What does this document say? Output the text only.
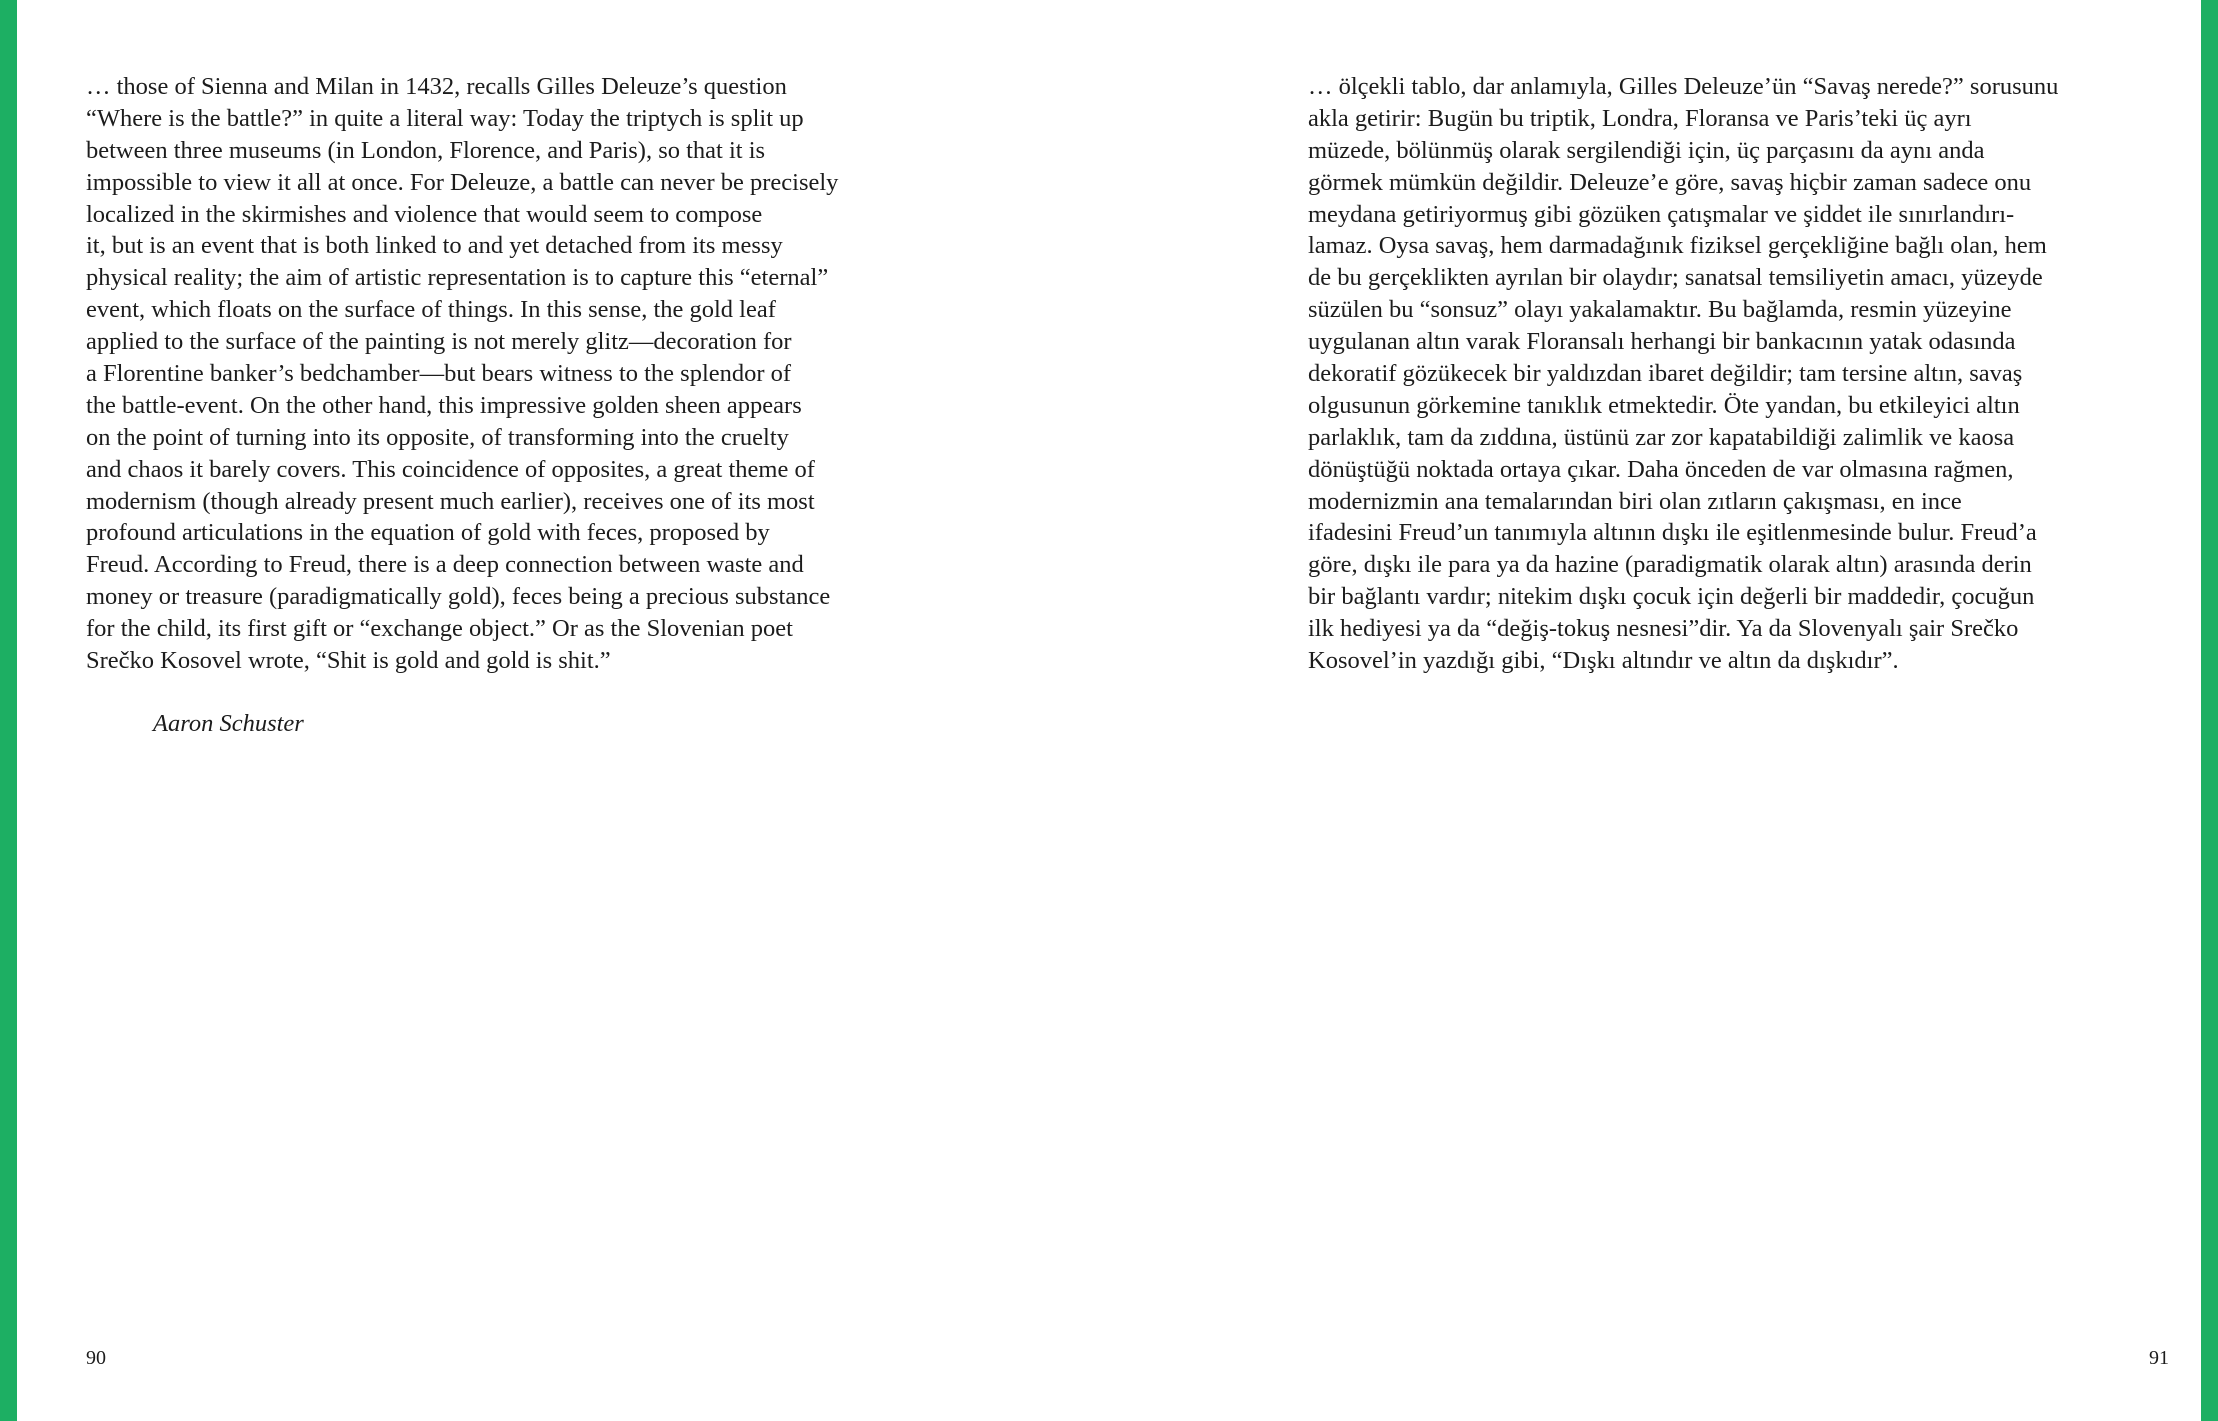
… those of Sienna and Milan in 1432, recalls Gilles Deleuze’s question
“Where is the battle?” in quite a literal way: Today the triptych is split up
between three museums (in London, Florence, and Paris), so that it is
impossible to view it all at once. For Deleuze, a battle can never be precisely
localized in the skirmishes and violence that would seem to compose
it, but is an event that is both linked to and yet detached from its messy
physical reality; the aim of artistic representation is to capture this “eternal”
event, which floats on the surface of things. In this sense, the gold leaf
applied to the surface of the painting is not merely glitz—decoration for
a Florentine banker’s bedchamber—but bears witness to the splendor of
the battle-event. On the other hand, this impressive golden sheen appears
on the point of turning into its opposite, of transforming into the cruelty
and chaos it barely covers. This coincidence of opposites, a great theme of
modernism (though already present much earlier), receives one of its most
profound articulations in the equation of gold with feces, proposed by
Freud. According to Freud, there is a deep connection between waste and
money or treasure (paradigmatically gold), feces being a precious substance
for the child, its first gift or “exchange object.” Or as the Slovenian poet
Srečko Kosovel wrote, “Shit is gold and gold is shit.”
Aaron Schuster
90
… ölçekli tablo, dar anlamıyla, Gilles Deleuze’ün “Savaş nerede?” sorusunu
akla getirir: Bugün bu triptik, Londra, Floransa ve Paris’teki üç ayrı
müzede, bölünmüş olarak sergilendiği için, üç parçasını da aynı anda
görmek mümkün değildir. Deleuze’e göre, savaş hiçbir zaman sadece onu
meydana getiriyormuş gibi gözüken çatışmalar ve şiddet ile sınırlandırı-
lamaz. Oysa savaş, hem darmadağınık fiziksel gerçekliğine bağlı olan, hem
de bu gerçeklikten ayrılan bir olaydır; sanatsal temsiliyetin amacı, yüzeyde
süzülen bu “sonsuz” olayı yakalamaktır. Bu bağlamda, resmin yüzeyine
uygulanan altın varak Floransalı herhangi bir bankacının yatak odasında
dekoratif gözükecek bir yaldızdan ibaret değildir; tam tersine altın, savaş
olgusunun görkemine tanıklık etmektedir. Öte yandan, bu etkileyici altın
parlaklık, tam da zıddına, üstünü zar zor kapatabildiği zalimlik ve kaosa
dönüştüğü noktada ortaya çıkar. Daha önceden de var olmasına rağmen,
modernizmin ana temalarından biri olan zıtların çakışması, en ince
ifadesini Freud’un tanımıyla altının dışkı ile eşitlenmesinde bulur. Freud’a
göre, dışkı ile para ya da hazine (paradigmatik olarak altın) arasında derin
bir bağlantı vardır; nitekim dışkı çocuk için değerli bir maddedir, çocuğun
ilk hediyesi ya da “değiş-tokuş nesnesi”dir. Ya da Slovenyalı şair Srečko
Kosovel’in yazdığı gibi, “Dışkı altındır ve altın da dışkıdır”.
91
